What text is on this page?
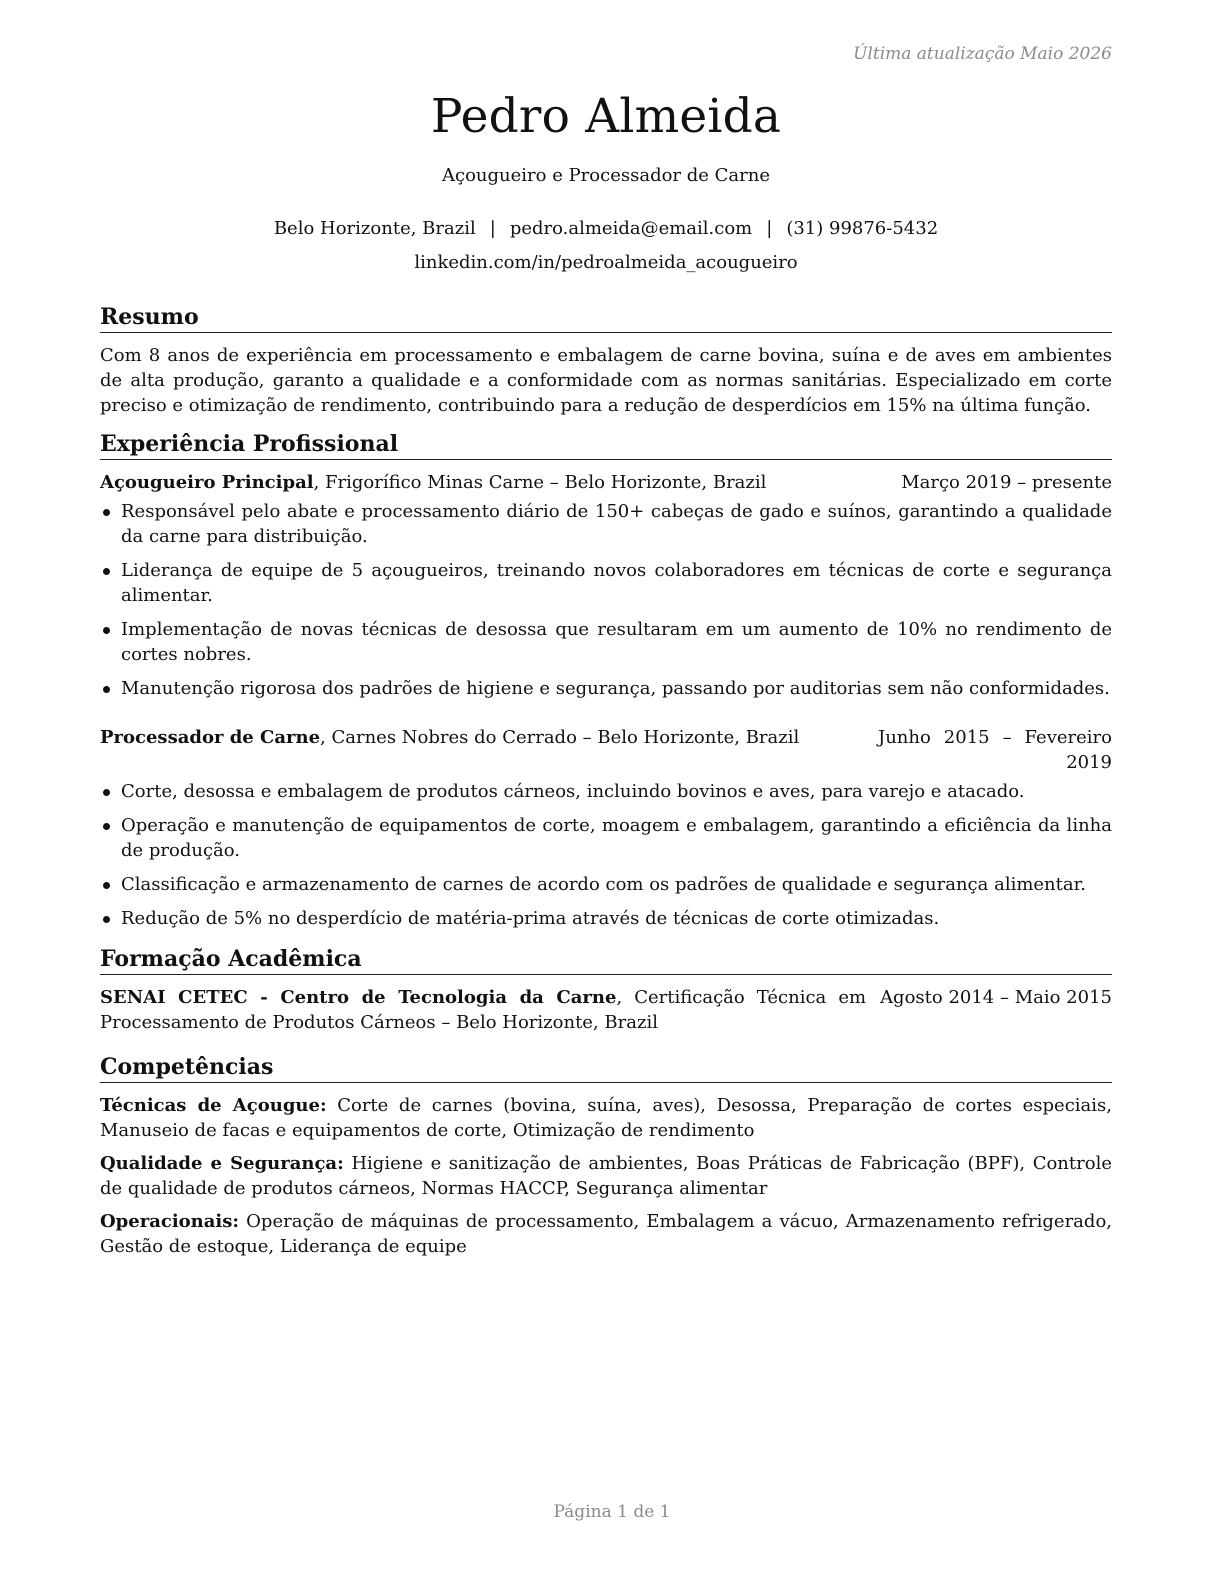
Última atualização Maio 2026
Pedro Almeida
Açougueiro e Processador de Carne
Belo Horizonte, Brazil | pedro.almeida@email.com | (31) 99876-5432
linkedin.com/in/pedroalmeida_acougueiro
Resumo

Com 8 anos de experiência em processamento e embalagem de carne bovina, suína e de aves em ambientes de alta produção, garanto a qualidade e a conformidade com as normas sanitárias. Especializado em corte preciso e otimização de rendimento, contribuindo para a redução de desperdícios em 15% na última função.

Experiência Profissional
Açougueiro Principal, Frigorífico Minas Carne – Belo Horizonte, Brazil	Março 2019 – presente
Responsável pelo abate e processamento diário de 150+ cabeças de gado e suínos, garantindo a qualidade da carne para distribuição.
Liderança de equipe de 5 açougueiros, treinando novos colaboradores em técnicas de corte e segurança alimentar.
Implementação de novas técnicas de desossa que resultaram em um aumento de 10% no rendimento de cortes nobres.
Manutenção rigorosa dos padrões de higiene e segurança, passando por auditorias sem não conformidades.
Processador de Carne, Carnes Nobres do Cerrado – Belo Horizonte, Brazil	Junho 2015 – Fevereiro 2019
Corte, desossa e embalagem de produtos cárneos, incluindo bovinos e aves, para varejo e atacado.
Operação e manutenção de equipamentos de corte, moagem e embalagem, garantindo a eficiência da linha de produção.
Classificação e armazenamento de carnes de acordo com os padrões de qualidade e segurança alimentar.
Redução de 5% no desperdício de matéria-prima através de técnicas de corte otimizadas.
Formação Acadêmica
Agosto 2014 – Maio 2015
SENAI CETEC - Centro de Tecnologia da Carne, Certificação Técnica em Processamento de Produtos Cárneos – Belo Horizonte, Brazil
Competências
Técnicas de Açougue: Corte de carnes (bovina, suína, aves), Desossa, Preparação de cortes especiais, Manuseio de facas e equipamentos de corte, Otimização de rendimento
Qualidade e Segurança: Higiene e sanitização de ambientes, Boas Práticas de Fabricação (BPF), Controle de qualidade de produtos cárneos, Normas HACCP, Segurança alimentar
Operacionais: Operação de máquinas de processamento, Embalagem a vácuo, Armazenamento refrigerado, Gestão de estoque, Liderança de equipe
Página 1 de 1
